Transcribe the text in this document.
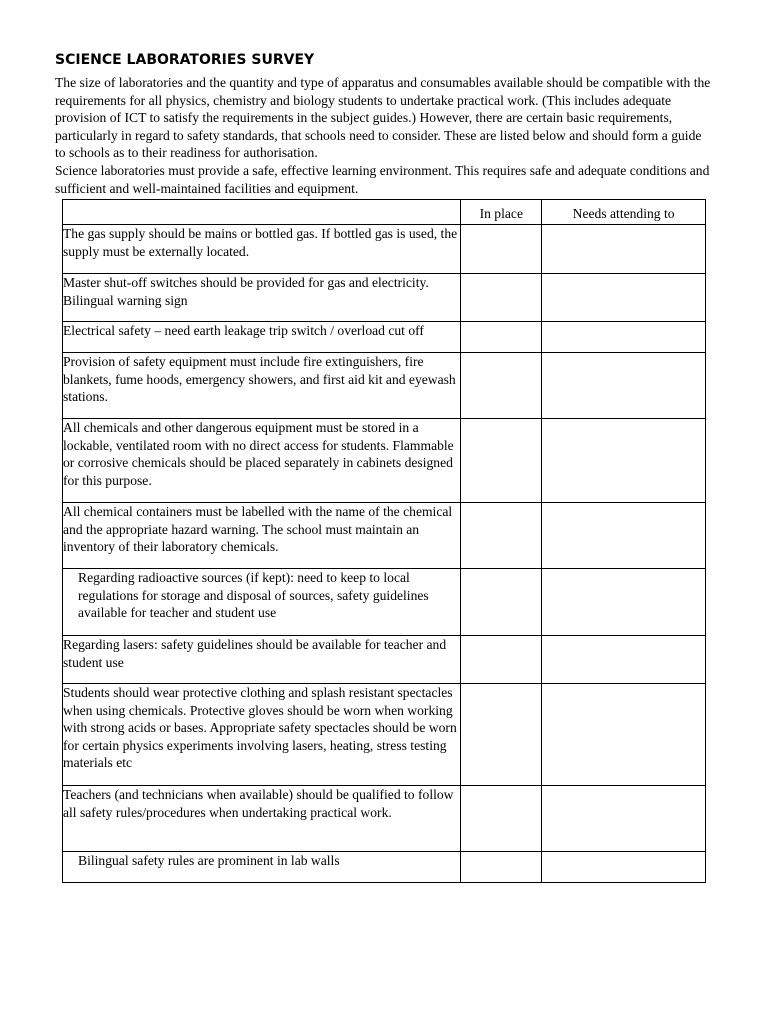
SCIENCE LABORATORIES SURVEY

The size of laboratories and the quantity and type of apparatus and consumables available should be compatible with the requirements for all physics, chemistry and biology students to undertake practical work. (This includes adequate provision of ICT to satisfy the requirements in the subject guides.) However, there are certain basic requirements, particularly in regard to safety standards, that schools need to consider. These are listed below and should form a guide to schools as to their readiness for authorisation.

Science laboratories must provide a safe, effective learning environment. This requires safe and adequate conditions and sufficient and well-maintained facilities and equipment.

	In place	Needs attending to
The gas supply should be mains or bottled gas. If bottled gas is used, the supply must be externally located.		
Master shut-off switches should be provided for gas and electricity. Bilingual warning sign		
Electrical safety – need earth leakage trip switch / overload cut off		
Provision of safety equipment must include fire extinguishers, fire blankets, fume hoods, emergency showers, and first aid kit and eyewash stations.		
All chemicals and other dangerous equipment must be stored in a lockable, ventilated room with no direct access for students. Flammable or corrosive chemicals should be placed separately in cabinets designed for this purpose.		
All chemical containers must be labelled with the name of the chemical and the appropriate hazard warning. The school must maintain an inventory of their laboratory chemicals.		
Regarding radioactive sources (if kept): need to keep to local regulations for storage and disposal of sources, safety guidelines available for teacher and student use		
Regarding lasers: safety guidelines should be available for teacher and student use		
Students should wear protective clothing and splash resistant spectacles when using chemicals. Protective gloves should be worn when working with strong acids or bases. Appropriate safety spectacles should be worn for certain physics experiments involving lasers, heating, stress testing materials etc		
Teachers (and technicians when available) should be qualified to follow all safety rules/procedures when undertaking practical work.		
Bilingual safety rules are prominent in lab walls		
